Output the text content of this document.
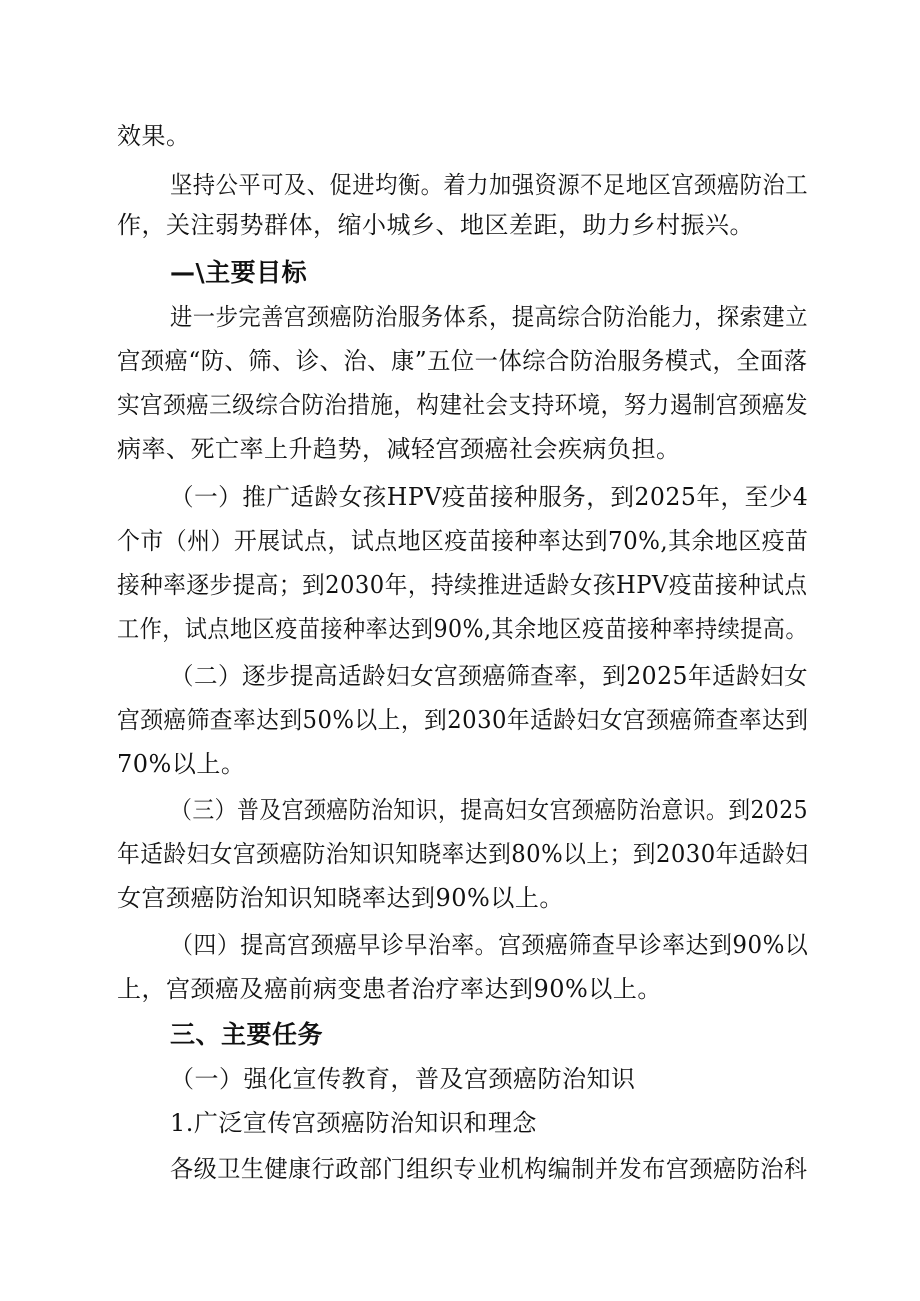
效果。
坚持公平可及、促进均衡。着力加强资源不足地区宫颈癌防治工
作，关注弱势群体，缩小城乡、地区差距，助力乡村振兴。
—\主要目标
进一步完善宫颈癌防治服务体系，提高综合防治能力，探索建立
宫颈癌“防、筛、诊、治、康”五位一体综合防治服务模式，全面落
实宫颈癌三级综合防治措施，构建社会支持环境，努力遏制宫颈癌发
病率、死亡率上升趋势，减轻宫颈癌社会疾病负担。
（一）推广适龄女孩HPV疫苗接种服务，到2025年，至少4
个市（州）开展试点，试点地区疫苗接种率达到70%,其余地区疫苗
接种率逐步提高；到2030年，持续推进适龄女孩HPV疫苗接种试点
工作，试点地区疫苗接种率达到90%,其余地区疫苗接种率持续提高。
（二）逐步提高适龄妇女宫颈癌筛查率，到2025年适龄妇女
宫颈癌筛查率达到50%以上，到2030年适龄妇女宫颈癌筛查率达到
70%以上。
（三）普及宫颈癌防治知识，提高妇女宫颈癌防治意识。到2025
年适龄妇女宫颈癌防治知识知晓率达到80%以上；到2030年适龄妇
女宫颈癌防治知识知晓率达到90%以上。
（四）提高宫颈癌早诊早治率。宫颈癌筛查早诊率达到90%以
上，宫颈癌及癌前病变患者治疗率达到90%以上。
三、主要任务
（一）强化宣传教育，普及宫颈癌防治知识
1.广泛宣传宫颈癌防治知识和理念
各级卫生健康行政部门组织专业机构编制并发布宫颈癌防治科
